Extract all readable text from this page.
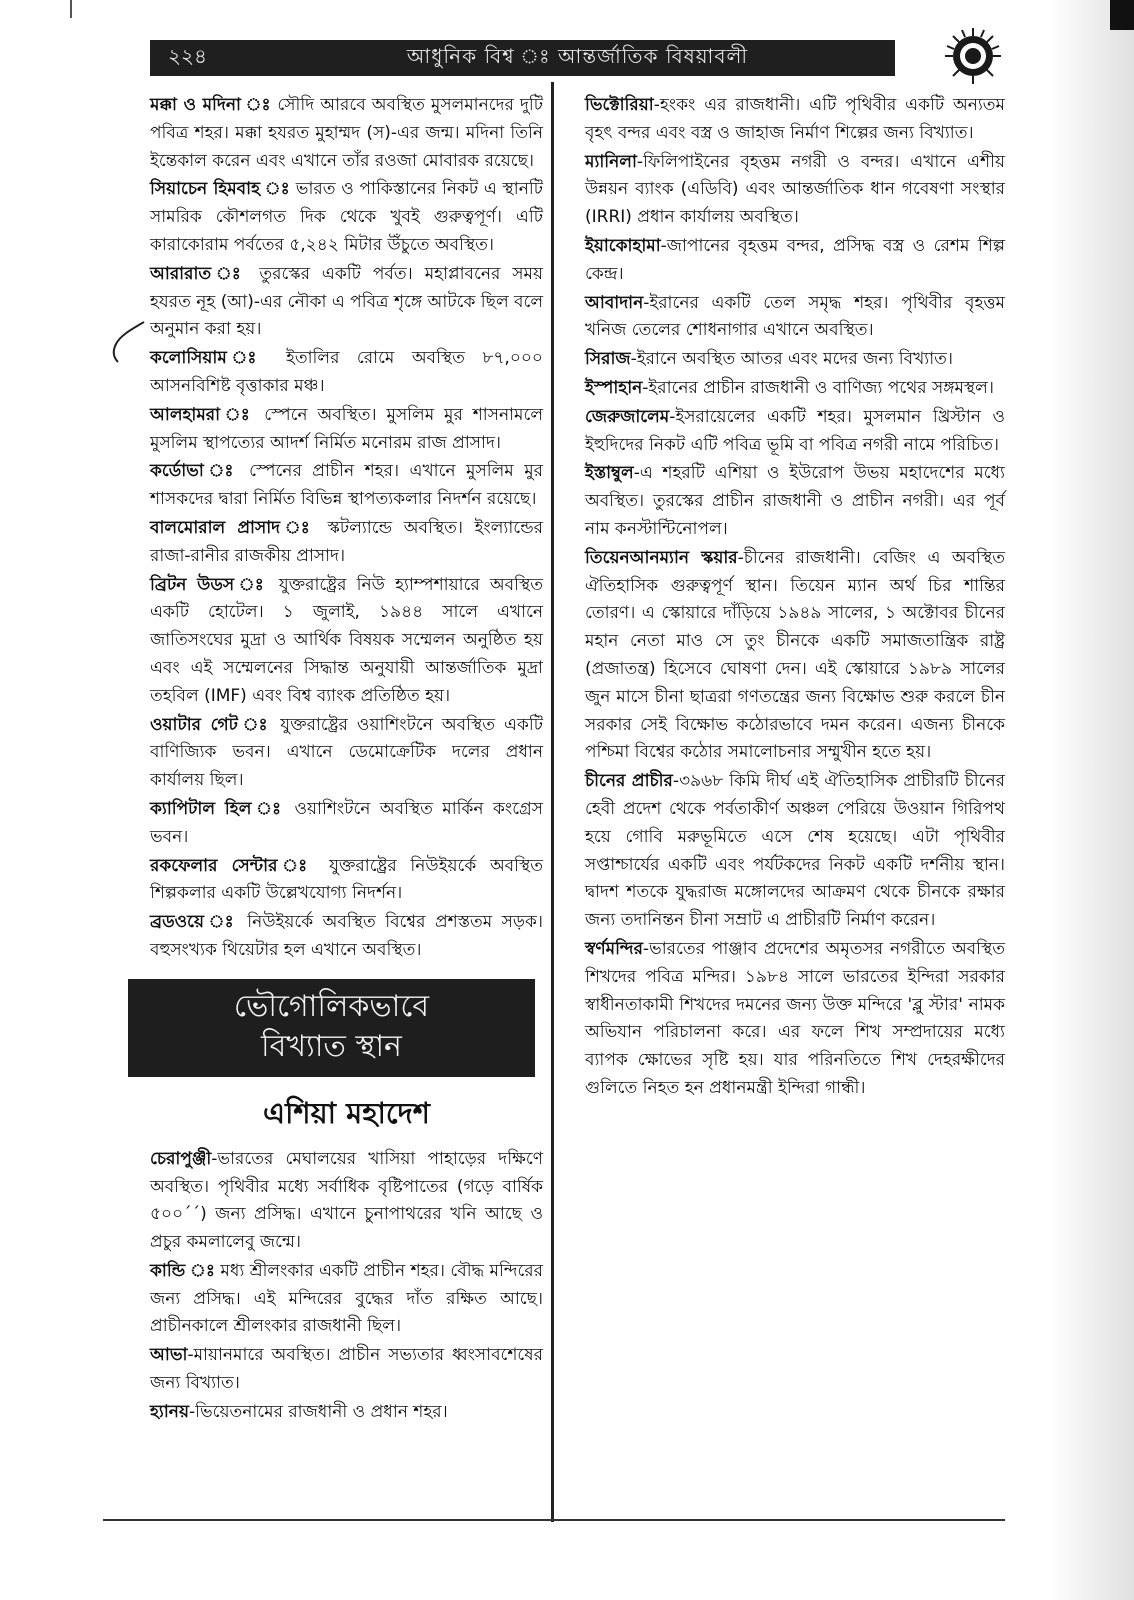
২২৪	আধুনিক বিশ্ব ঃ আন্তর্জাতিক বিষয়াবলী

মক্কা ও মদিনা ঃ সৌদি আরবে অবস্থিত মুসলমানদের দুটি পবিত্র শহর। মক্কা হযরত মুহাম্মদ (স)-এর জন্ম। মদিনা তিনি ইন্তেকাল করেন এবং এখানে তাঁর রওজা মোবারক রয়েছে।

সিয়াচেন হিমবাহ ঃ ভারত ও পাকিস্তানের নিকট এ স্থানটি সামরিক কৌশলগত দিক থেকে খুবই গুরুত্বপূর্ণ। এটি কারাকোরাম পর্বতের ৫,২৪২ মিটার উঁচুতে অবস্থিত।

আরারাত ঃ তুরস্কের একটি পর্বত। মহাপ্লাবনের সময় হযরত নূহ (আ)-এর নৌকা এ পবিত্র শৃঙ্গে আটকে ছিল বলে অনুমান করা হয়।

কলোসিয়াম ঃ ইতালির রোমে অবস্থিত ৮৭,০০০ আসনবিশিষ্ট বৃত্তাকার মঞ্চ।

আলহামরা ঃ স্পেনে অবস্থিত। মুসলিম মুর শাসনামলে মুসলিম স্থাপত্যের আদর্শ নির্মিত মনোরম রাজ প্রাসাদ।

কর্ডোভা ঃ স্পেনের প্রাচীন শহর। এখানে মুসলিম মুর শাসকদের দ্বারা নির্মিত বিভিন্ন স্থাপত্যকলার নিদর্শন রয়েছে।

বালমোরাল প্রাসাদ ঃ স্কটল্যান্ডে অবস্থিত। ইংল্যান্ডের রাজা-রানীর রাজকীয় প্রাসাদ।

ব্রিটন উডস ঃ যুক্তরাষ্ট্রের নিউ হ্যাম্পশায়ারে অবস্থিত একটি হোটেল। ১ জুলাই, ১৯৪৪ সালে এখানে জাতিসংঘের মুদ্রা ও আর্থিক বিষয়ক সম্মেলন অনুষ্ঠিত হয় এবং এই সম্মেলনের সিদ্ধান্ত অনুযায়ী আন্তর্জাতিক মুদ্রা তহবিল (IMF) এবং বিশ্ব ব্যাংক প্রতিষ্ঠিত হয়।

ওয়াটার গেট ঃ যুক্তরাষ্ট্রের ওয়াশিংটনে অবস্থিত একটি বাণিজ্যিক ভবন। এখানে ডেমোক্রেটিক দলের প্রধান কার্যালয় ছিল।

ক্যাপিটাল হিল ঃ ওয়াশিংটনে অবস্থিত মার্কিন কংগ্রেস ভবন।

রকফেলার সেন্টার ঃ যুক্তরাষ্ট্রের নিউইয়র্কে অবস্থিত শিল্পকলার একটি উল্লেখযোগ্য নিদর্শন।

ব্রডওয়ে ঃ নিউইয়র্কে অবস্থিত বিশ্বের প্রশস্ততম সড়ক। বহুসংখ্যক থিয়েটার হল এখানে অবস্থিত।

ভৌগোলিকভাবে
বিখ্যাত স্থান
এশিয়া মহাদেশ

চেরাপুঞ্জী-ভারতের মেঘালয়ের খাসিয়া পাহাড়ের দক্ষিণে অবস্থিত। পৃথিবীর মধ্যে সর্বাধিক বৃষ্টিপাতের (গড়ে বার্ষিক ৫০০´´) জন্য প্রসিদ্ধ। এখানে চুনাপাথরের খনি আছে ও প্রচুর কমলালেবু জন্মে।

কান্ডি ঃ মধ্য শ্রীলংকার একটি প্রাচীন শহর। বৌদ্ধ মন্দিরের জন্য প্রসিদ্ধ। এই মন্দিরের বুদ্ধের দাঁত রক্ষিত আছে। প্রাচীনকালে শ্রীলংকার রাজধানী ছিল।

আভা-মায়ানমারে অবস্থিত। প্রাচীন সভ্যতার ধ্বংসাবশেষের জন্য বিখ্যাত।

হ্যানয়-ভিয়েতনামের রাজধানী ও প্রধান শহর।

ভিক্টোরিয়া-হংকং এর রাজধানী। এটি পৃথিবীর একটি অন্যতম বৃহৎ বন্দর এবং বস্ত্র ও জাহাজ নির্মাণ শিল্পের জন্য বিখ্যাত।

ম্যানিলা-ফিলিপাইনের বৃহত্তম নগরী ও বন্দর। এখানে এশীয় উন্নয়ন ব্যাংক (এডিবি) এবং আন্তর্জাতিক ধান গবেষণা সংস্থার (IRRI) প্রধান কার্যালয় অবস্থিত।

ইয়াকোহামা-জাপানের বৃহত্তম বন্দর, প্রসিদ্ধ বস্ত্র ও রেশম শিল্প কেন্দ্র।

আবাদান-ইরানের একটি তেল সমৃদ্ধ শহর। পৃথিবীর বৃহত্তম খনিজ তেলের শোধনাগার এখানে অবস্থিত।

সিরাজ-ইরানে অবস্থিত আতর এবং মদের জন্য বিখ্যাত।

ইস্পাহান-ইরানের প্রাচীন রাজধানী ও বাণিজ্য পথের সঙ্গমস্থল।

জেরুজালেম-ইসরায়েলের একটি শহর। মুসলমান খ্রিস্টান ও ইহুদিদের নিকট এটি পবিত্র ভূমি বা পবিত্র নগরী নামে পরিচিত।

ইস্তাম্বুল-এ শহরটি এশিয়া ও ইউরোপ উভয় মহাদেশের মধ্যে অবস্থিত। তুরস্কের প্রাচীন রাজধানী ও প্রাচীন নগরী। এর পূর্ব নাম কনস্টান্টিনোপল।

তিয়েনআনম্যান স্কয়ার-চীনের রাজধানী। বেজিং এ অবস্থিত ঐতিহাসিক গুরুত্বপূর্ণ স্থান। তিয়েন ম্যান অর্থ চির শান্তির তোরণ। এ স্কোয়ারে দাঁড়িয়ে ১৯৪৯ সালের, ১ অক্টোবর চীনের মহান নেতা মাও সে তুং চীনকে একটি সমাজতান্ত্রিক রাষ্ট্র (প্রজাতন্ত্র) হিসেবে ঘোষণা দেন। এই স্কোয়ারে ১৯৮৯ সালের জুন মাসে চীনা ছাত্ররা গণতন্ত্রের জন্য বিক্ষোভ শুরু করলে চীন সরকার সেই বিক্ষোভ কঠোরভাবে দমন করেন। এজন্য চীনকে পশ্চিমা বিশ্বের কঠোর সমালোচনার সম্মুখীন হতে হয়।

চীনের প্রাচীর-৩৯৬৮ কিমি দীর্ঘ এই ঐতিহাসিক প্রাচীরটি চীনের হেবী প্রদেশ থেকে পর্বতাকীর্ণ অঞ্চল পেরিয়ে উওয়ান গিরিপথ হয়ে গোবি মরুভূমিতে এসে শেষ হয়েছে। এটা পৃথিবীর সপ্তাশ্চার্যের একটি এবং পর্যটকদের নিকট একটি দর্শনীয় স্থান। দ্বাদশ শতকে যুদ্ধরাজ মঙ্গোলদের আক্রমণ থেকে চীনকে রক্ষার জন্য তদানিন্তন চীনা সম্রাট এ প্রাচীরটি নির্মাণ করেন।

স্বর্ণমন্দির-ভারতের পাঞ্জাব প্রদেশের অমৃতসর নগরীতে অবস্থিত শিখদের পবিত্র মন্দির। ১৯৮৪ সালে ভারতের ইন্দিরা সরকার স্বাধীনতাকামী শিখদের দমনের জন্য উক্ত মন্দিরে 'ব্লু স্টার' নামক অভিযান পরিচালনা করে। এর ফলে শিখ সম্প্রদায়ের মধ্যে ব্যাপক ক্ষোভের সৃষ্টি হয়। যার পরিনতিতে শিখ দেহরক্ষীদের গুলিতে নিহত হন প্রধানমন্ত্রী ইন্দিরা গান্ধী।
